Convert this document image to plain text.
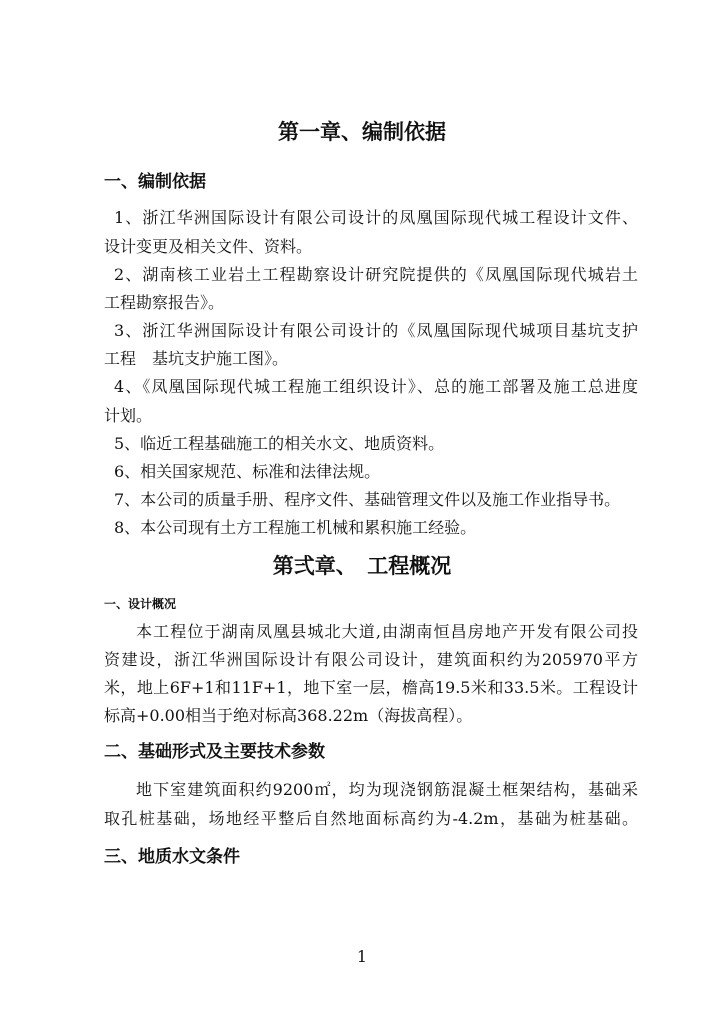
第一章、编制依据
一、编制依据
1、浙江华洲国际设计有限公司设计的凤凰国际现代城工程设计文件、
设计变更及相关文件、资料。
2、湖南核工业岩土工程勘察设计研究院提供的《凤凰国际现代城岩土
工程勘察报告》。
3、浙江华洲国际设计有限公司设计的《凤凰国际现代城项目基坑支护
工程　基坑支护施工图》。
4、《凤凰国际现代城工程施工组织设计》、总的施工部署及施工总进度
计划。
5、临近工程基础施工的相关水文、地质资料。
6、相关国家规范、标准和法律法规。
7、本公司的质量手册、程序文件、基础管理文件以及施工作业指导书。
8、本公司现有土方工程施工机械和累积施工经验。
第弍章、　工程概况
一、设计概况
本工程位于湖南凤凰县城北大道,由湖南恒昌房地产开发有限公司投
资建设，浙江华洲国际设计有限公司设计，建筑面积约为205970平方
米，地上6F+1和11F+1，地下室一层，檐高19.5米和33.5米。工程设计
标高+0.00相当于绝对标高368.22m（海拔高程）。
二、基础形式及主要技术参数
地下室建筑面积约9200㎡，均为现浇钢筋混凝土框架结构，基础采
取孔桩基础，场地经平整后自然地面标高约为-4.2m，基础为桩基础。
三、地质水文条件
1
